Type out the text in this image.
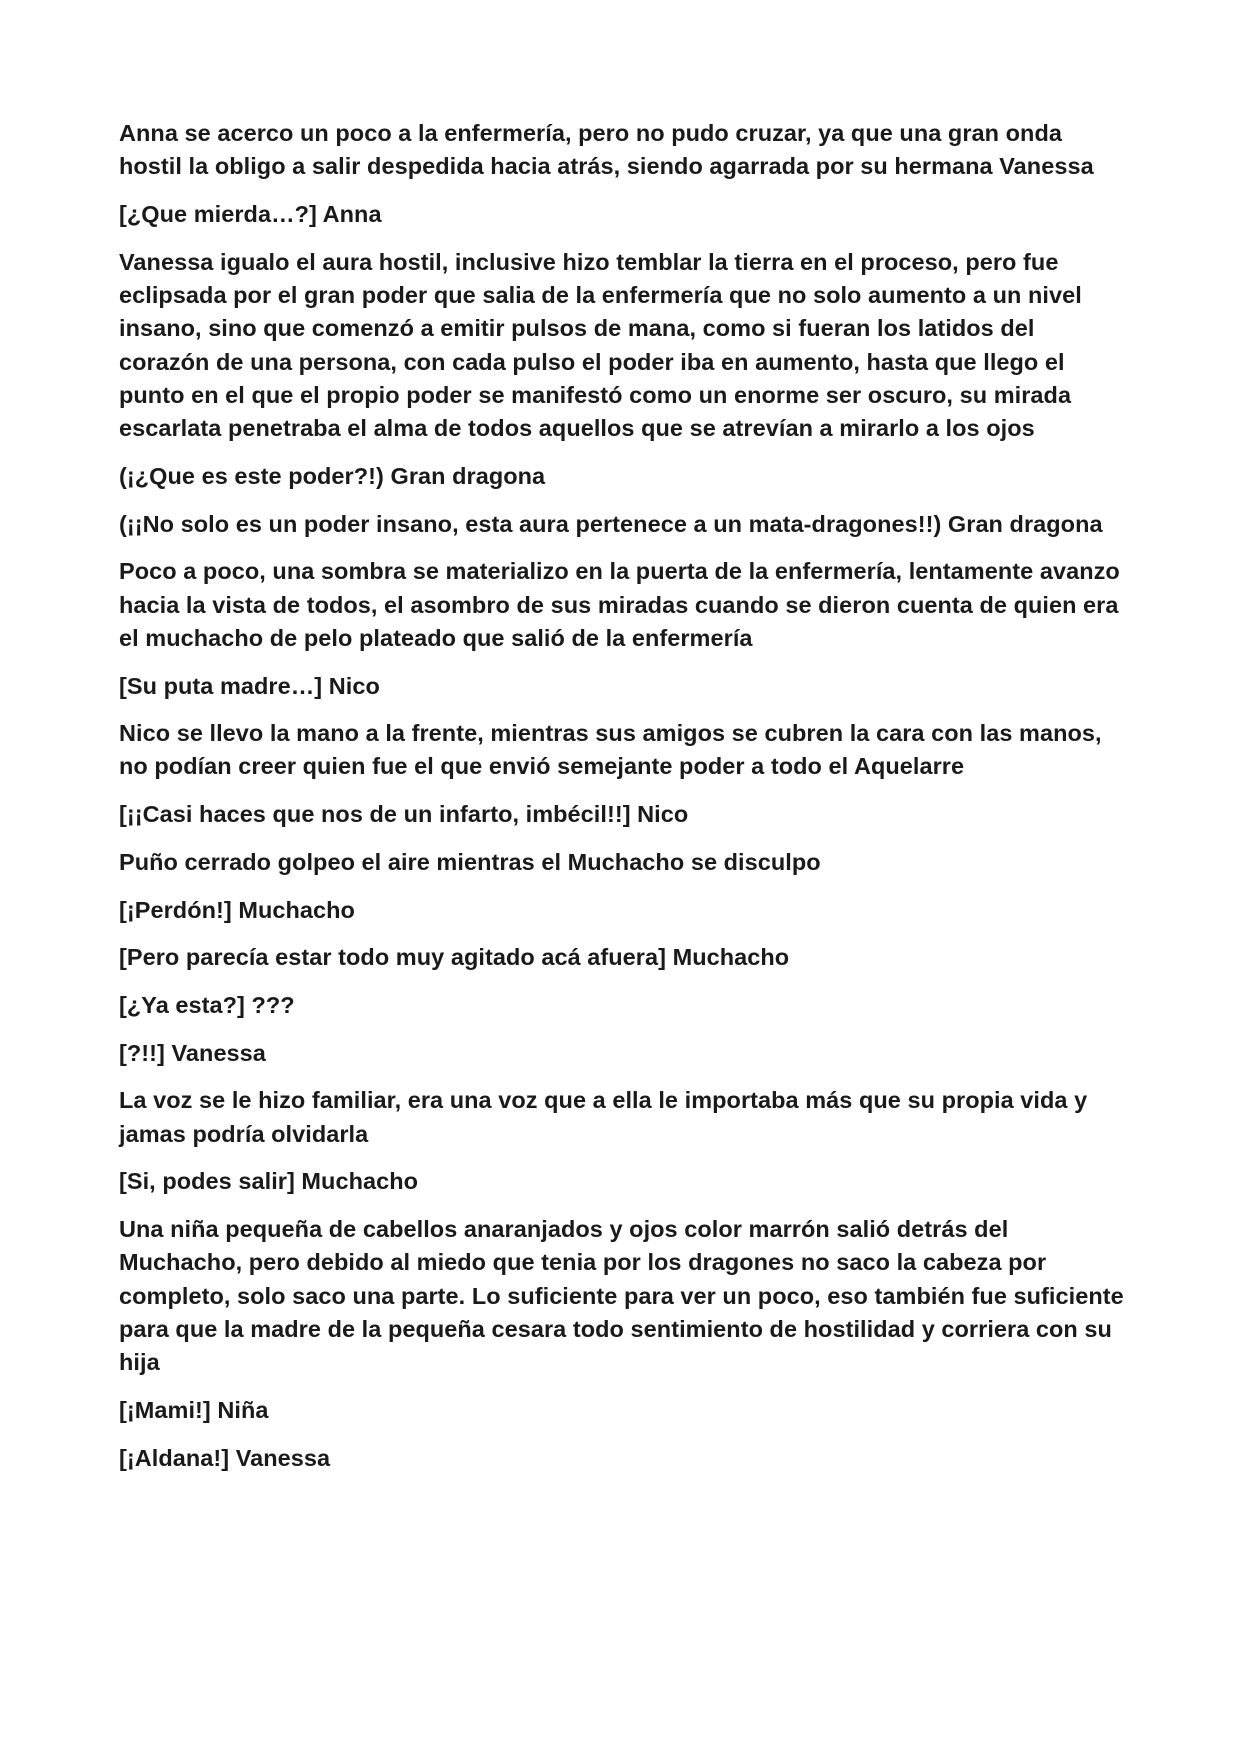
Anna se acerco un poco a la enfermería, pero no pudo cruzar, ya que una gran onda hostil la obligo a salir despedida hacia atrás, siendo agarrada por su hermana Vanessa

[¿Que mierda…?] Anna

Vanessa igualo el aura hostil, inclusive hizo temblar la tierra en el proceso, pero fue eclipsada por el gran poder que salia de la enfermería que no solo aumento a un nivel insano, sino que comenzó a emitir pulsos de mana, como si fueran los latidos del corazón de una persona, con cada pulso el poder iba en aumento, hasta que llego el punto en el que el propio poder se manifestó como un enorme ser oscuro, su mirada escarlata penetraba el alma de todos aquellos que se atrevían a mirarlo a los ojos

(¡¿Que es este poder?!) Gran dragona

(¡¡No solo es un poder insano, esta aura pertenece a un mata-dragones!!) Gran dragona

Poco a poco, una sombra se materializo en la puerta de la enfermería, lentamente avanzo hacia la vista de todos, el asombro de sus miradas cuando se dieron cuenta de quien era el muchacho de pelo plateado que salió de la enfermería

[Su puta madre…] Nico

Nico se llevo la mano a la frente, mientras sus amigos se cubren la cara con las manos, no podían creer quien fue el que envió semejante poder a todo el Aquelarre

[¡¡Casi haces que nos de un infarto, imbécil!!] Nico

Puño cerrado golpeo el aire mientras el Muchacho se disculpo

[¡Perdón!] Muchacho

[Pero parecía estar todo muy agitado acá afuera] Muchacho

[¿Ya esta?] ???

[?!!] Vanessa

La voz se le hizo familiar, era una voz que a ella le importaba más que su propia vida y jamas podría olvidarla

[Si, podes salir] Muchacho

Una niña pequeña de cabellos anaranjados y ojos color marrón salió detrás del Muchacho, pero debido al miedo que tenia por los dragones no saco la cabeza por completo, solo saco una parte. Lo suficiente para ver un poco, eso también fue suficiente para que la madre de la pequeña cesara todo sentimiento de hostilidad y corriera con su hija

[¡Mami!] Niña

[¡Aldana!] Vanessa
